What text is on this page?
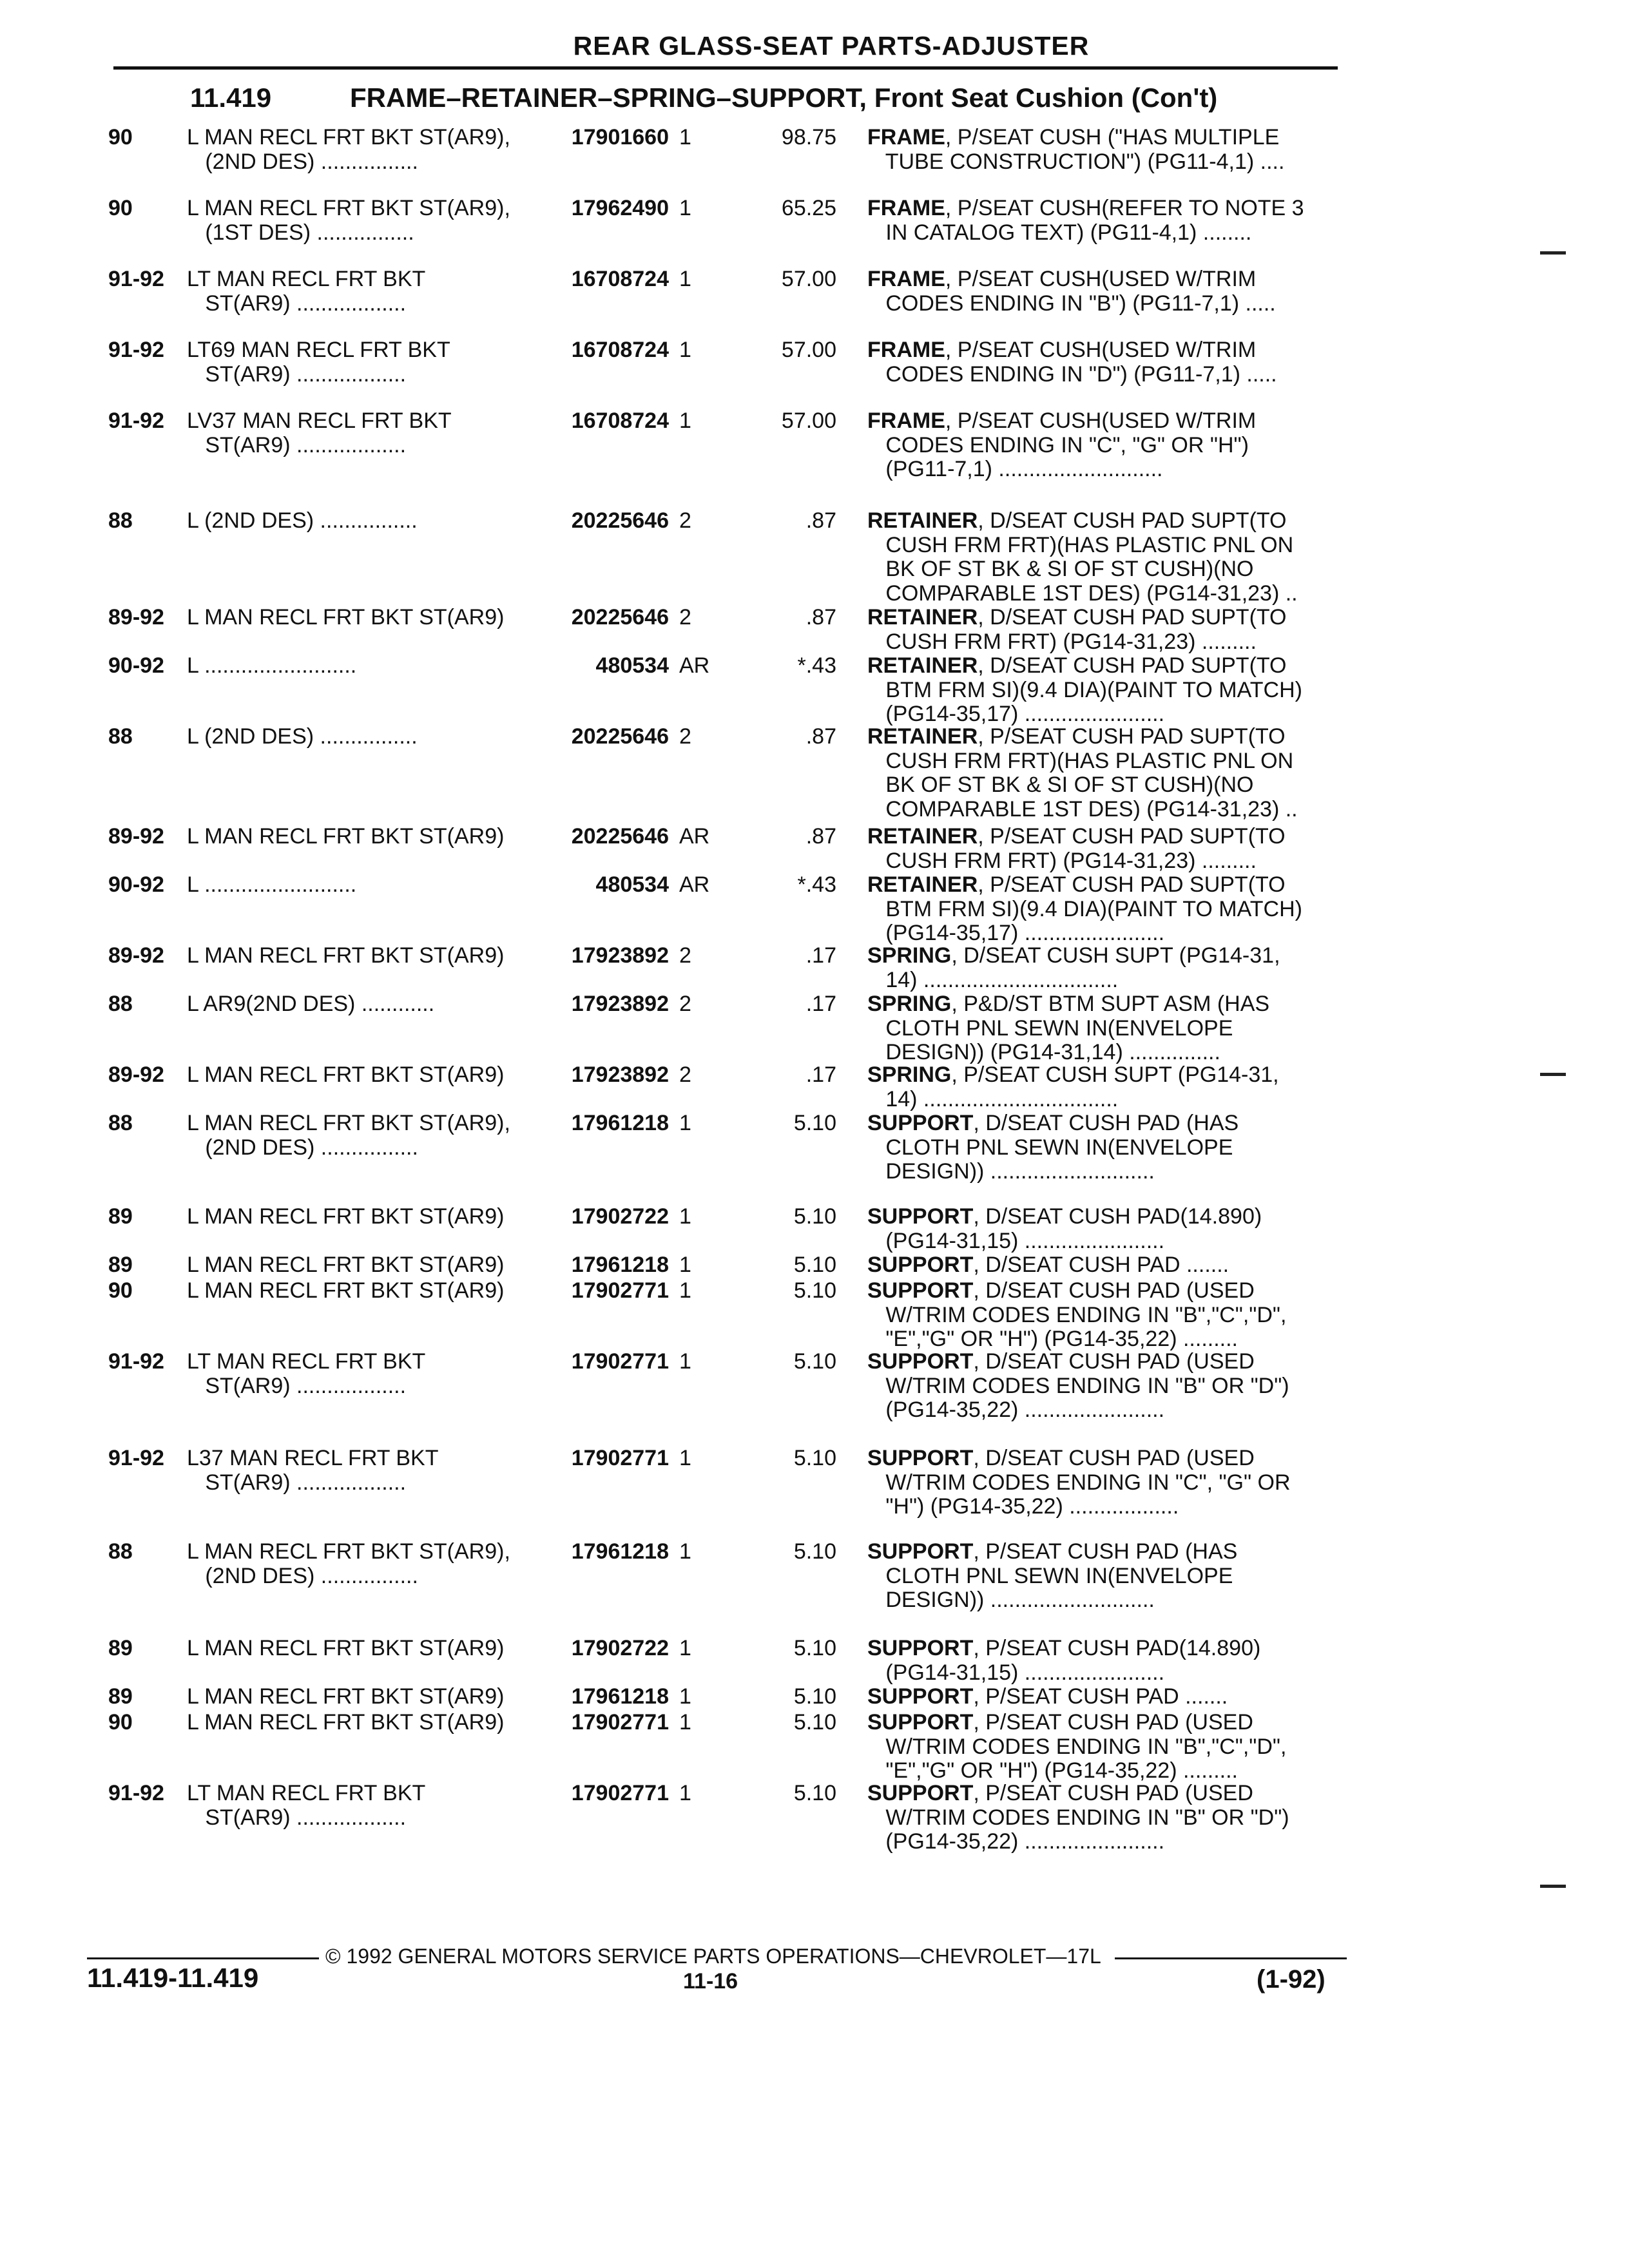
REAR GLASS-SEAT PARTS-ADJUSTER
11.419	FRAME–RETAINER–SPRING–SUPPORT, Front Seat Cushion (Con't)
90 L MAN RECL FRT BKT ST(AR9),
(2ND DES) ................
17901660 1	98.75 FRAME, P/SEAT CUSH ("HAS MULTIPLE
TUBE CONSTRUCTION") (PG11-4,1) ....
90 L MAN RECL FRT BKT ST(AR9),
(1ST DES) ................
17962490 1	65.25 FRAME, P/SEAT CUSH(REFER TO NOTE 3
IN CATALOG TEXT) (PG11-4,1) ........
91-92 LT MAN RECL FRT BKT
ST(AR9) ..................
16708724 1	57.00 FRAME, P/SEAT CUSH(USED W/TRIM
CODES ENDING IN "B") (PG11-7,1) .....
91-92 LT69 MAN RECL FRT BKT
ST(AR9) ..................
16708724 1	57.00 FRAME, P/SEAT CUSH(USED W/TRIM
CODES ENDING IN "D") (PG11-7,1) .....
91-92 LV37 MAN RECL FRT BKT
ST(AR9) ..................
16708724 1	57.00 FRAME, P/SEAT CUSH(USED W/TRIM
CODES ENDING IN "C", "G" OR "H")
(PG11-7,1) ...........................
88 L (2ND DES) ................	20225646 2	.87 RETAINER, D/SEAT CUSH PAD SUPT(TO
CUSH FRM FRT)(HAS PLASTIC PNL ON
BK OF ST BK & SI OF ST CUSH)(NO
COMPARABLE 1ST DES) (PG14-31,23) ..
89-92 L MAN RECL FRT BKT ST(AR9)	20225646 2	.87 RETAINER, D/SEAT CUSH PAD SUPT(TO
CUSH FRM FRT) (PG14-31,23) .........
90-92 L .........................	480534 AR	*.43 RETAINER, D/SEAT CUSH PAD SUPT(TO
BTM FRM SI)(9.4 DIA)(PAINT TO MATCH)
(PG14-35,17) .......................
88 L (2ND DES) ................	20225646 2	.87 RETAINER, P/SEAT CUSH PAD SUPT(TO
CUSH FRM FRT)(HAS PLASTIC PNL ON
BK OF ST BK & SI OF ST CUSH)(NO
COMPARABLE 1ST DES) (PG14-31,23) ..
89-92 L MAN RECL FRT BKT ST(AR9)	20225646 AR	.87 RETAINER, P/SEAT CUSH PAD SUPT(TO
CUSH FRM FRT) (PG14-31,23) .........
90-92 L .........................	480534 AR	*.43 RETAINER, P/SEAT CUSH PAD SUPT(TO
BTM FRM SI)(9.4 DIA)(PAINT TO MATCH)
(PG14-35,17) .......................
89-92 L MAN RECL FRT BKT ST(AR9)	17923892 2	.17 SPRING, D/SEAT CUSH SUPT (PG14-31,
14) ................................
88 L AR9(2ND DES) ............	17923892 2	.17 SPRING, P&D/ST BTM SUPT ASM (HAS
CLOTH PNL SEWN IN(ENVELOPE
DESIGN)) (PG14-31,14) ...............
89-92 L MAN RECL FRT BKT ST(AR9)	17923892 2	.17 SPRING, P/SEAT CUSH SUPT (PG14-31,
14) ................................
88 L MAN RECL FRT BKT ST(AR9),
(2ND DES) ................
17961218 1	5.10 SUPPORT, D/SEAT CUSH PAD (HAS
CLOTH PNL SEWN IN(ENVELOPE
DESIGN)) ...........................
89 L MAN RECL FRT BKT ST(AR9)	17902722 1	5.10 SUPPORT, D/SEAT CUSH PAD(14.890)
(PG14-31,15) .......................
89 L MAN RECL FRT BKT ST(AR9)	17961218 1	5.10 SUPPORT, D/SEAT CUSH PAD .......
90 L MAN RECL FRT BKT ST(AR9)	17902771 1	5.10 SUPPORT, D/SEAT CUSH PAD (USED
W/TRIM CODES ENDING IN "B","C","D",
"E","G" OR "H") (PG14-35,22) .........
91-92 LT MAN RECL FRT BKT
ST(AR9) ..................
17902771 1	5.10 SUPPORT, D/SEAT CUSH PAD (USED
W/TRIM CODES ENDING IN "B" OR "D")
(PG14-35,22) .......................
91-92 L37 MAN RECL FRT BKT
ST(AR9) ..................
17902771 1	5.10 SUPPORT, D/SEAT CUSH PAD (USED
W/TRIM CODES ENDING IN "C", "G" OR
"H") (PG14-35,22) ..................
88 L MAN RECL FRT BKT ST(AR9),
(2ND DES) ................
17961218 1	5.10 SUPPORT, P/SEAT CUSH PAD (HAS
CLOTH PNL SEWN IN(ENVELOPE
DESIGN)) ...........................
89 L MAN RECL FRT BKT ST(AR9)	17902722 1	5.10 SUPPORT, P/SEAT CUSH PAD(14.890)
(PG14-31,15) .......................
89 L MAN RECL FRT BKT ST(AR9)	17961218 1	5.10 SUPPORT, P/SEAT CUSH PAD .......
90 L MAN RECL FRT BKT ST(AR9)	17902771 1	5.10 SUPPORT, P/SEAT CUSH PAD (USED
W/TRIM CODES ENDING IN "B","C","D",
"E","G" OR "H") (PG14-35,22) .........
91-92 LT MAN RECL FRT BKT
ST(AR9) ..................
17902771 1	5.10 SUPPORT, P/SEAT CUSH PAD (USED
W/TRIM CODES ENDING IN "B" OR "D")
(PG14-35,22) .......................
© 1992 GENERAL MOTORS SERVICE PARTS OPERATIONS—CHEVROLET—17L
11.419-11.419	11-16	(1-92)
